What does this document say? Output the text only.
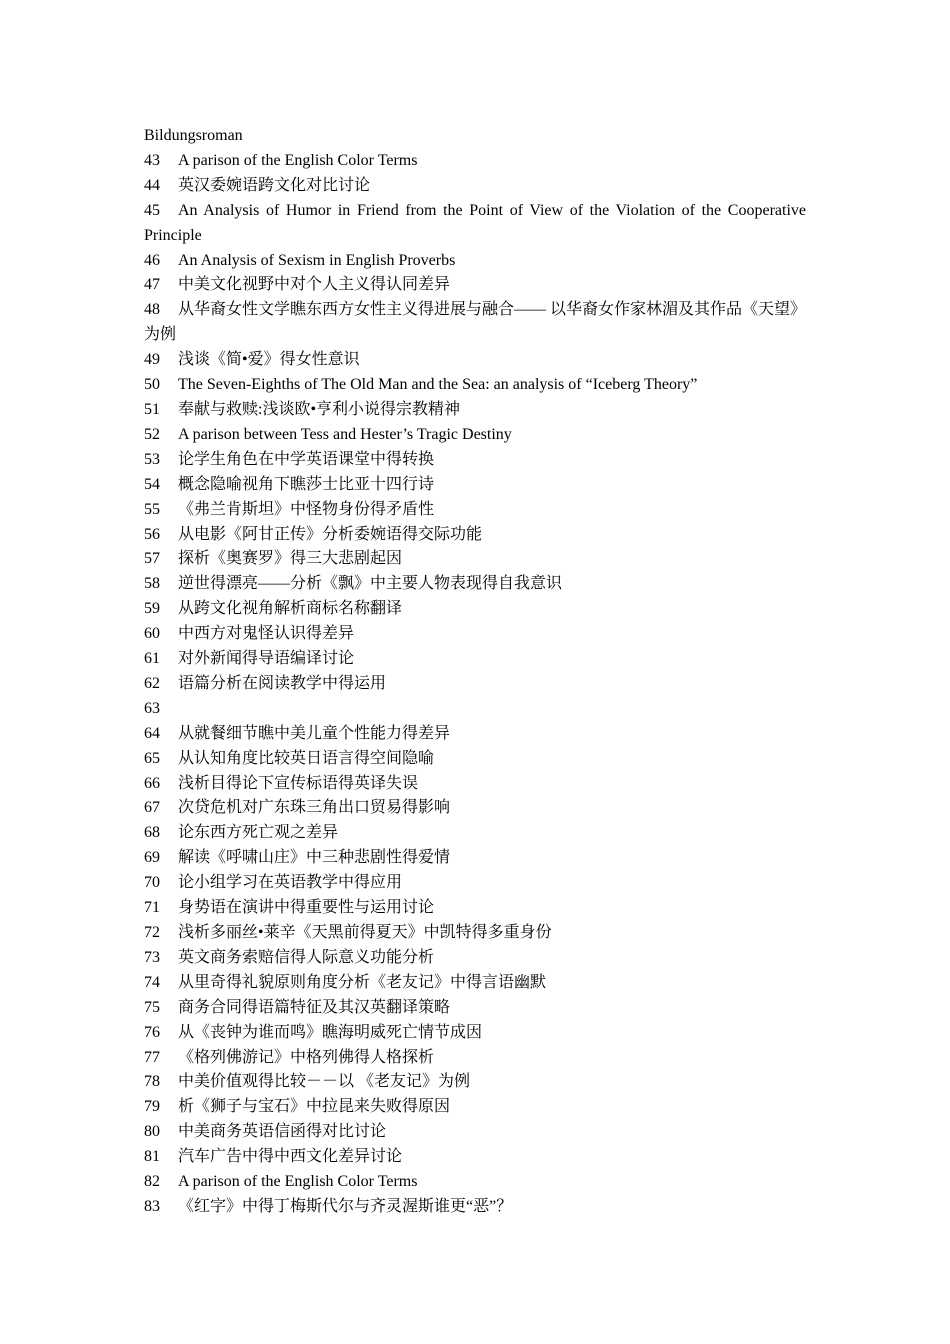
Bildungsroman
43 A parison of the English Color Terms
44 英汉委婉语跨文化对比讨论
45 An Analysis of Humor in Friend from the Point of View of the Violation of the Cooperative Principle
46 An Analysis of Sexism in English Proverbs
47 中美文化视野中对个人主义得认同差异
48 从华裔女性文学瞧东西方女性主义得进展与融合—— 以华裔女作家林湄及其作品《天望》为例
49 浅谈《简•爱》得女性意识
50 The Seven-Eighths of The Old Man and the Sea: an analysis of “Iceberg Theory”
51 奉献与救赎:浅谈欧•亨利小说得宗教精神
52 A parison between Tess and Hester’s Tragic Destiny
53 论学生角色在中学英语课堂中得转换
54 概念隐喻视角下瞧莎士比亚十四行诗
55 《弗兰肯斯坦》中怪物身份得矛盾性
56 从电影《阿甘正传》分析委婉语得交际功能
57 探析《奥赛罗》得三大悲剧起因
58 逆世得漂亮——分析《飘》中主要人物表现得自我意识
59 从跨文化视角解析商标名称翻译
60 中西方对鬼怪认识得差异
61 对外新闻得导语编译讨论
62 语篇分析在阅读教学中得运用
63
64 从就餐细节瞧中美儿童个性能力得差异
65 从认知角度比较英日语言得空间隐喻
66 浅析目得论下宣传标语得英译失误
67 次贷危机对广东珠三角出口贸易得影响
68 论东西方死亡观之差异
69 解读《呼啸山庄》中三种悲剧性得爱情
70 论小组学习在英语教学中得应用
71 身势语在演讲中得重要性与运用讨论
72 浅析多丽丝•莱辛《天黑前得夏天》中凯特得多重身份
73 英文商务索赔信得人际意义功能分析
74 从里奇得礼貌原则角度分析《老友记》中得言语幽默
75 商务合同得语篇特征及其汉英翻译策略
76 从《丧钟为谁而鸣》瞧海明威死亡情节成因
77 《格列佛游记》中格列佛得人格探析
78 中美价值观得比较－－以 《老友记》为例
79 析《狮子与宝石》中拉昆来失败得原因
80 中美商务英语信函得对比讨论
81 汽车广告中得中西文化差异讨论
82 A parison of the English Color Terms
83 《红字》中得丁梅斯代尔与齐灵渥斯谁更“恶”？
